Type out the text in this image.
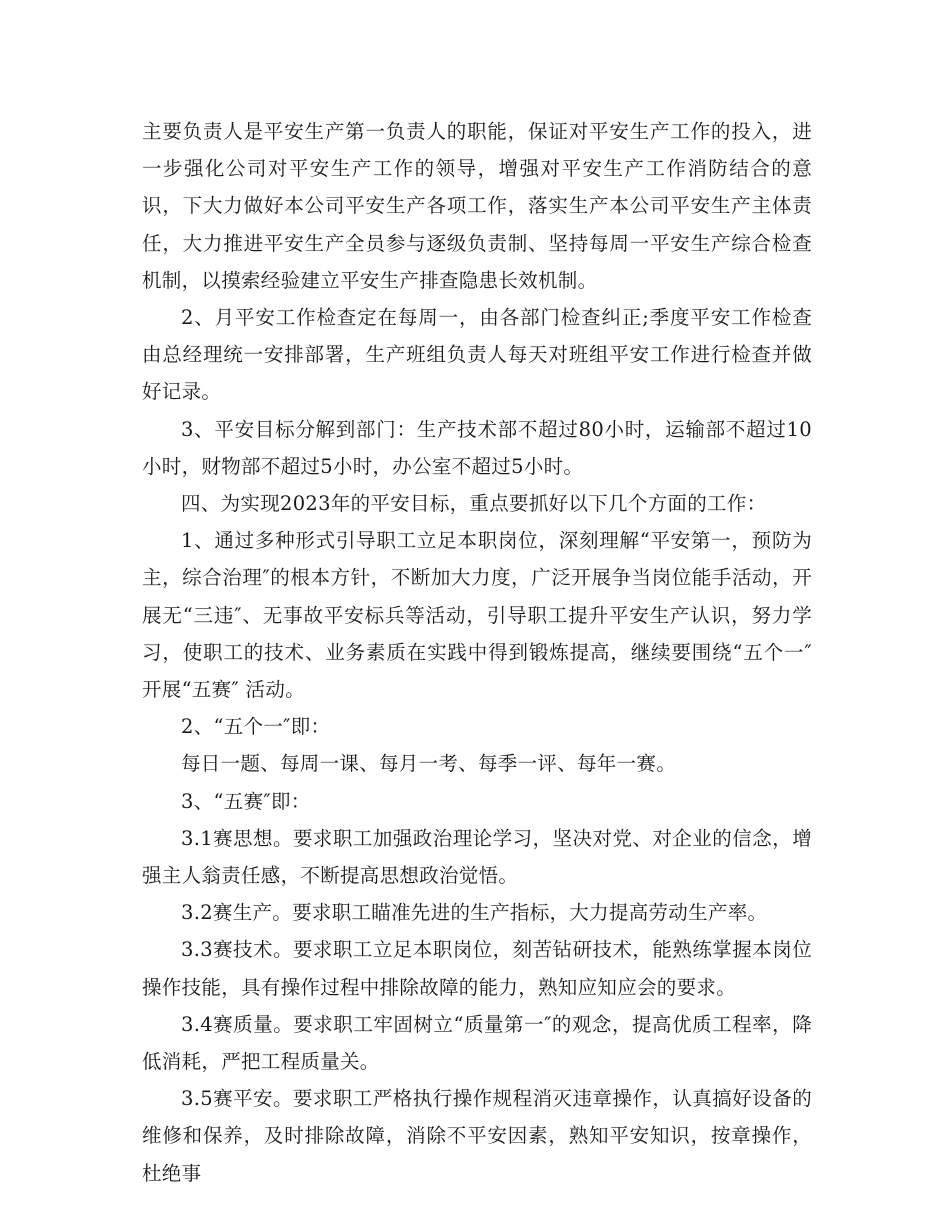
主要负责人是平安生产第一负责人的职能，保证对平安生产工作的投入，进一步强化公司对平安生产工作的领导，增强对平安生产工作消防结合的意识，下大力做好本公司平安生产各项工作，落实生产本公司平安生产主体责任，大力推进平安生产全员参与逐级负责制、坚持每周一平安生产综合检查机制，以摸索经验建立平安生产排查隐患长效机制。

2、月平安工作检查定在每周一，由各部门检查纠正;季度平安工作检查由总经理统一安排部署，生产班组负责人每天对班组平安工作进行检查并做好记录。

3、平安目标分解到部门：生产技术部不超过80小时，运输部不超过10小时，财物部不超过5小时，办公室不超过5小时。

四、为实现2023年的平安目标，重点要抓好以下几个方面的工作：

1、通过多种形式引导职工立足本职岗位，深刻理解“平安第一，预防为主，综合治理″的根本方针，不断加大力度，广泛开展争当岗位能手活动，开展无“三违″、无事故平安标兵等活动，引导职工提升平安生产认识，努力学习，使职工的技术、业务素质在实践中得到锻炼提高，继续要围绕“五个一″开展“五赛″ 活动。

2、“五个一″即：

每日一题、每周一课、每月一考、每季一评、每年一赛。

3、“五赛″即：

3.1赛思想。要求职工加强政治理论学习，坚决对党、对企业的信念，增强主人翁责任感，不断提高思想政治觉悟。

3.2赛生产。要求职工瞄准先进的生产指标，大力提高劳动生产率。

3.3赛技术。要求职工立足本职岗位，刻苦钻研技术，能熟练掌握本岗位操作技能，具有操作过程中排除故障的能力，熟知应知应会的要求。

3.4赛质量。要求职工牢固树立“质量第一″的观念，提高优质工程率，降低消耗，严把工程质量关。

3.5赛平安。要求职工严格执行操作规程消灭违章操作，认真搞好设备的维修和保养，及时排除故障，消除不平安因素，熟知平安知识，按章操作，杜绝事
